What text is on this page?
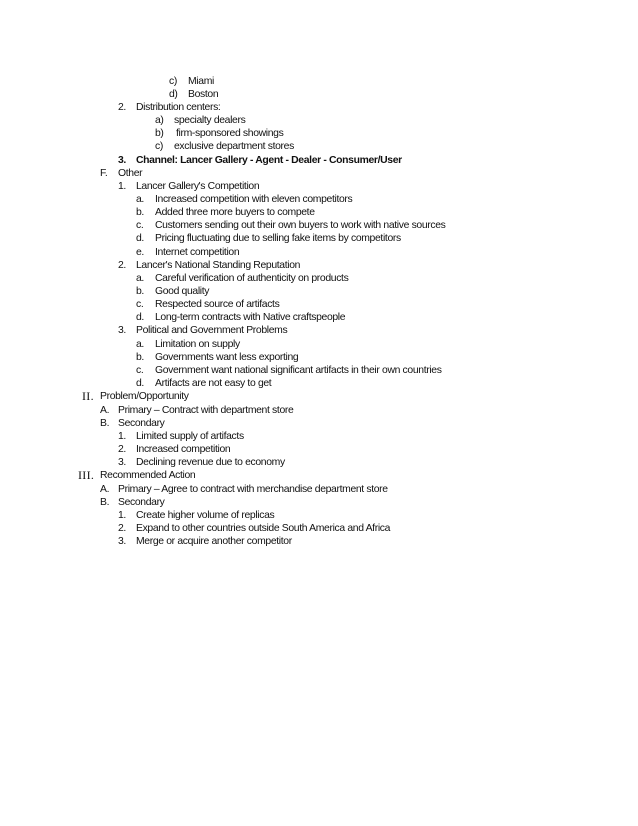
c) Miami
d) Boston
2. Distribution centers:
a) specialty dealers
b) firm-sponsored showings
c) exclusive department stores
3. Channel: Lancer Gallery - Agent - Dealer - Consumer/User
F. Other
1. Lancer Gallery's Competition
a. Increased competition with eleven competitors
b. Added three more buyers to compete
c. Customers sending out their own buyers to work with native sources
d. Pricing fluctuating due to selling fake items by competitors
e. Internet competition
2. Lancer's National Standing Reputation
a. Careful verification of authenticity on products
b. Good quality
c. Respected source of artifacts
d. Long-term contracts with Native craftspeople
3. Political and Government Problems
a. Limitation on supply
b. Governments want less exporting
c. Government want national significant artifacts in their own countries
d. Artifacts are not easy to get
II. Problem/Opportunity
A. Primary – Contract with department store
B. Secondary
1. Limited supply of artifacts
2. Increased competition
3. Declining revenue due to economy
III. Recommended Action
A. Primary – Agree to contract with merchandise department store
B. Secondary
1. Create higher volume of replicas
2. Expand to other countries outside South America and Africa
3. Merge or acquire another competitor
